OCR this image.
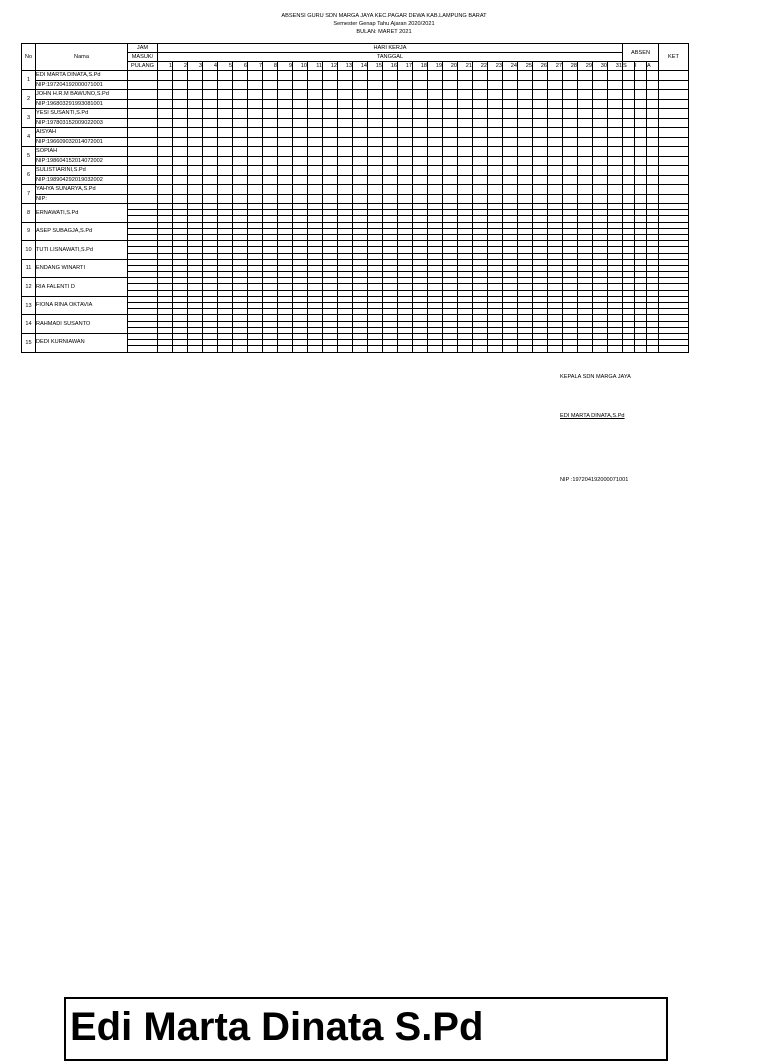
ABSENSI GURU SDN MARGA JAYA KEC.PAGAR DEWA KAB.LAMPUNG BARAT
Semester Genap Tahu Ajaran 2020/2021
BULAN: MARET 2021
No	Nama	JAM	HARI KERJA																															ABSEN			KET
		MASUK/	TANGGAL																																		
		PULANG	1	2	3	4	5	6	7	8	9	10	11	12	13	14	15	16	17	18	19	20	21	22	23	24	25	26	27	28	29	30	31	S	I	A	
1	EDI MARTA DINATA,S.Pd																																				
	NIP:197204192000071001																																				
2	JOHN H.R.M BAWUNO,S.Pd																																				
	NIP:196803291993081001																																				
3	YESI SUSANTI,S.Pd																																				
	NIP:197803152009022003																																				
4	AISYAH																																				
	NIP:196609032014072001																																				
5	SOPIAH																																				
	NIP:198604152014072002																																				
6	SULISTIARINI,S.Pd																																				
	NIP:198904292019032002																																				
7	YAHYA SUNARYA,S.Pd																																				
	NIP:																																				
8	ERNAWATI,S.Pd																																				

9	ASEP SUBAGJA,S.Pd																																				

10	TUTI LISNAWATI,S.Pd																																				

11	ENDANG WINARTI																																				

12	RIA FALENTI D																																				

13	FIONA RINA OKTAVIA																																				

14	RAHMADI SUSANTO																																				

15	DEDI KURNIAWAN																																				

KEPALA SDN MARGA JAYA
EDI MARTA DINATA,S.Pd
NIP :197204192000071001
Edi Marta Dinata S.Pd
